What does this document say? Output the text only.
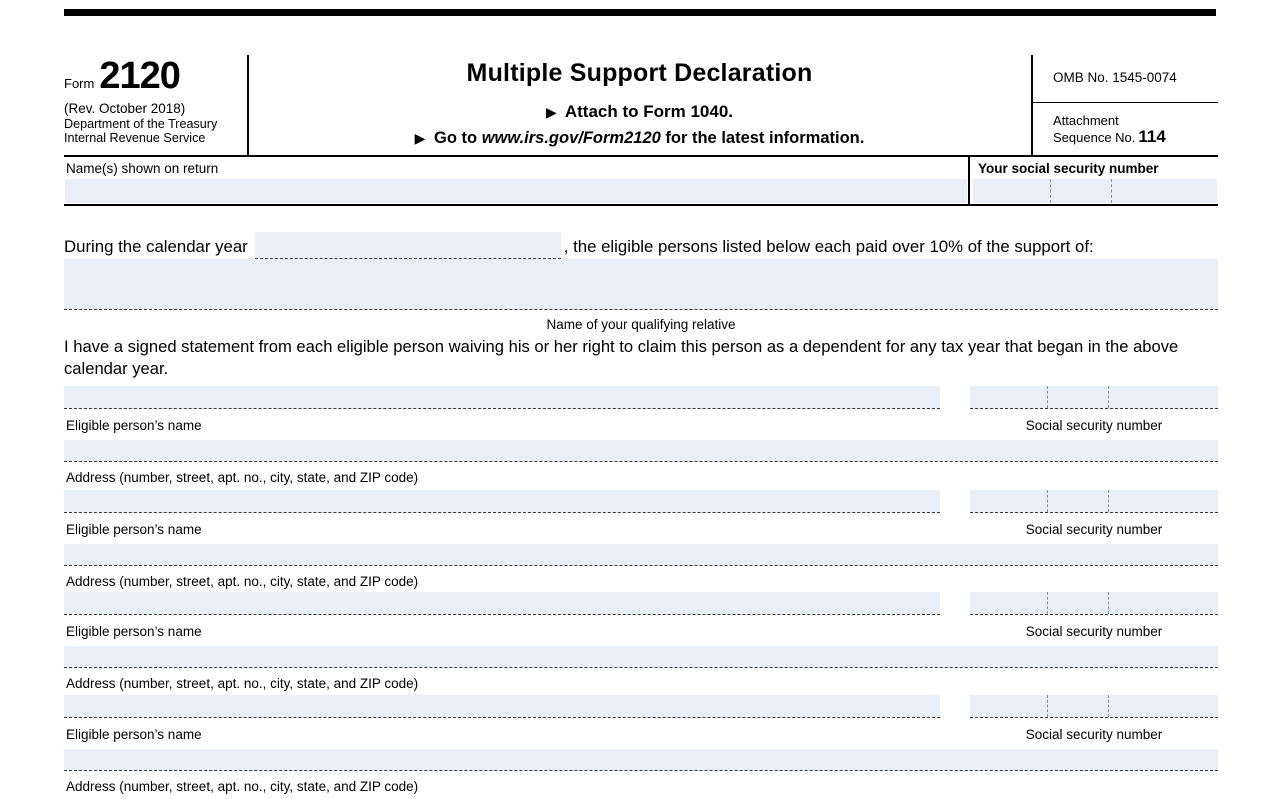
Form 2120
(Rev. October 2018)
Department of the Treasury
Internal Revenue Service
Multiple Support Declaration
▶ Attach to Form 1040.
▶ Go to www.irs.gov/Form2120 for the latest information.
OMB No. 1545-0074
Attachment
Sequence No. 114
Name(s) shown on return	Your social security number
During the calendar year	, the eligible persons listed below each paid over 10% of the support of:
Name of your qualifying relative
I have a signed statement from each eligible person waiving his or her right to claim this person as a dependent for any tax year that began in the above calendar year.
Eligible person’s name	Social security number
Address (number, street, apt. no., city, state, and ZIP code)
Eligible person’s name	Social security number
Address (number, street, apt. no., city, state, and ZIP code)
Eligible person’s name	Social security number
Address (number, street, apt. no., city, state, and ZIP code)
Eligible person’s name	Social security number
Address (number, street, apt. no., city, state, and ZIP code)
